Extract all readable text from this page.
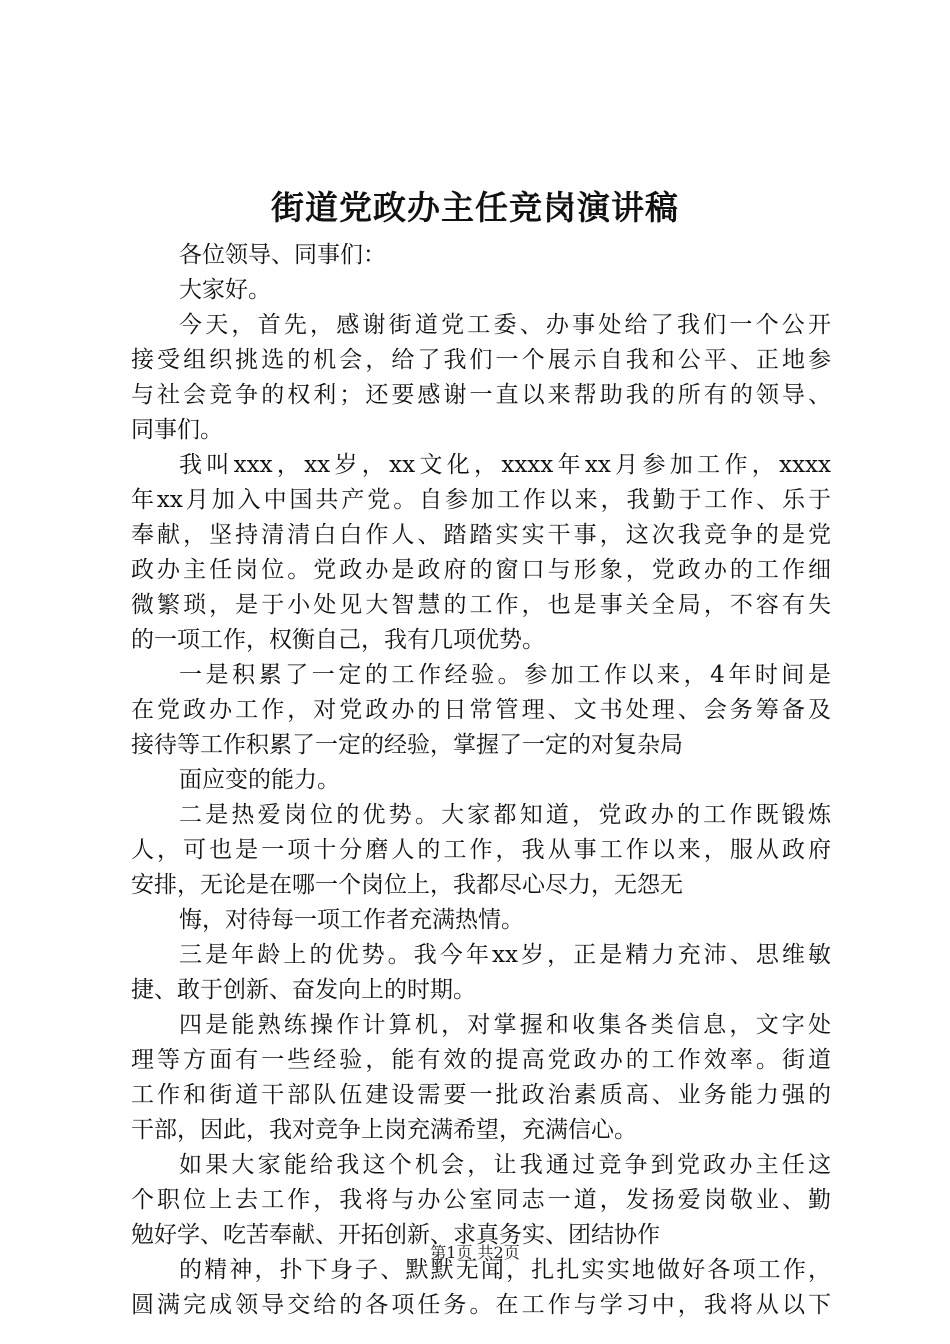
街道党政办主任竞岗演讲稿
各位领导、同事们：
大家好。
今天，首先，感谢街道党工委、办事处给了我们一个公开
接受组织挑选的机会，给了我们一个展示自我和公平、正地参
与社会竞争的权利；还要感谢一直以来帮助我的所有的领导、
同事们。
我叫xxx，xx岁，xx文化，xxxx年xx月参加工作，xxxx
年xx月加入中国共产党。自参加工作以来，我勤于工作、乐于
奉献，坚持清清白白作人、踏踏实实干事，这次我竞争的是党
政办主任岗位。党政办是政府的窗口与形象，党政办的工作细
微繁琐，是于小处见大智慧的工作，也是事关全局，不容有失
的一项工作，权衡自己，我有几项优势。
一是积累了一定的工作经验。参加工作以来，4年时间是
在党政办工作，对党政办的日常管理、文书处理、会务筹备及
接待等工作积累了一定的经验，掌握了一定的对复杂局
面应变的能力。
二是热爱岗位的优势。大家都知道，党政办的工作既锻炼
人，可也是一项十分磨人的工作，我从事工作以来，服从政府
安排，无论是在哪一个岗位上，我都尽心尽力，无怨无
悔，对待每一项工作者充满热情。
三是年龄上的优势。我今年xx岁，正是精力充沛、思维敏
捷、敢于创新、奋发向上的时期。
四是能熟练操作计算机，对掌握和收集各类信息，文字处
理等方面有一些经验，能有效的提高党政办的工作效率。街道
工作和街道干部队伍建设需要一批政治素质高、业务能力强的
干部，因此，我对竞争上岗充满希望，充满信心。
如果大家能给我这个机会，让我通过竞争到党政办主任这
个职位上去工作，我将与办公室同志一道，发扬爱岗敬业、勤
勉好学、吃苦奉献、开拓创新、求真务实、团结协作
的精神，扑下身子、默默无闻，扎扎实实地做好各项工作，
圆满完成领导交给的各项任务。在工作与学习中，我将从以下
第1页 共2页
